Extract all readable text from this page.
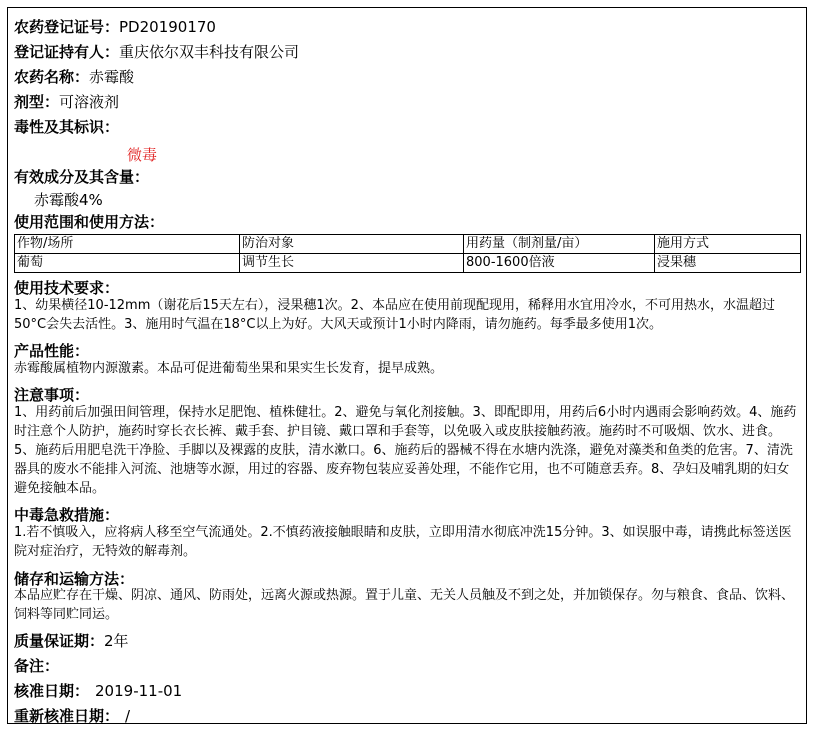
农药登记证号：PD20190170
登记证持有人：重庆依尔双丰科技有限公司
农药名称：赤霉酸
剂型：可溶液剂
毒性及其标识：
微毒
有效成分及其含量：
赤霉酸4%
使用范围和使用方法：
作物/场所	防治对象	用药量（制剂量/亩）	施用方式
葡萄	调节生长	800-1600倍液	浸果穗
使用技术要求：
1、幼果横径10-12mm（谢花后15天左右），浸果穗1次。2、本品应在使用前现配现用，稀释用水宜用冷水，不可用热水，水温超过50°C会失去活性。3、施用时气温在18°C以上为好。大风天或预计1小时内降雨，请勿施药。每季最多使用1次。
产品性能：
赤霉酸属植物内源激素。本品可促进葡萄坐果和果实生长发育，提早成熟。
注意事项：
1、用药前后加强田间管理，保持水足肥饱、植株健壮。2、避免与氧化剂接触。3、即配即用，用药后6小时内遇雨会影响药效。4、施药时注意个人防护，施药时穿长衣长裤、戴手套、护目镜、戴口罩和手套等，以免吸入或皮肤接触药液。施药时不可吸烟、饮水、进食。5、施药后用肥皂洗干净脸、手脚以及裸露的皮肤，清水漱口。6、施药后的器械不得在水塘内洗涤，避免对藻类和鱼类的危害。7、清洗器具的废水不能排入河流、池塘等水源，用过的容器、废弃物包装应妥善处理，不能作它用，也不可随意丢弃。8、孕妇及哺乳期的妇女避免接触本品。
中毒急救措施：
1.若不慎吸入，应将病人移至空气流通处。2.不慎药液接触眼睛和皮肤，立即用清水彻底冲洗15分钟。3、如误服中毒，请携此标签送医院对症治疗，无特效的解毒剂。
储存和运输方法：
本品应贮存在干燥、阴凉、通风、防雨处，远离火源或热源。置于儿童、无关人员触及不到之处，并加锁保存。勿与粮食、食品、饮料、饲料等同贮同运。
质量保证期：2年
备注：
核准日期： 2019-11-01
重新核准日期： /
